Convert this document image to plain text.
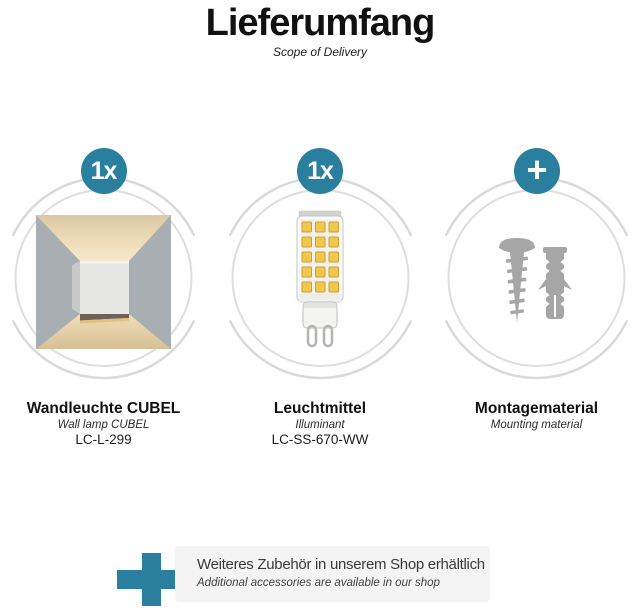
Lieferumfang
Scope of Delivery
1x
Wandleuchte CUBEL
Wall lamp CUBEL
LC-L-299
1x
Leuchtmittel
Illuminant
LC-SS-670-WW
+
Montagematerial
Mounting material
Weiteres Zubehör in unserem Shop erhältlich
Additional accessories are available in our shop
